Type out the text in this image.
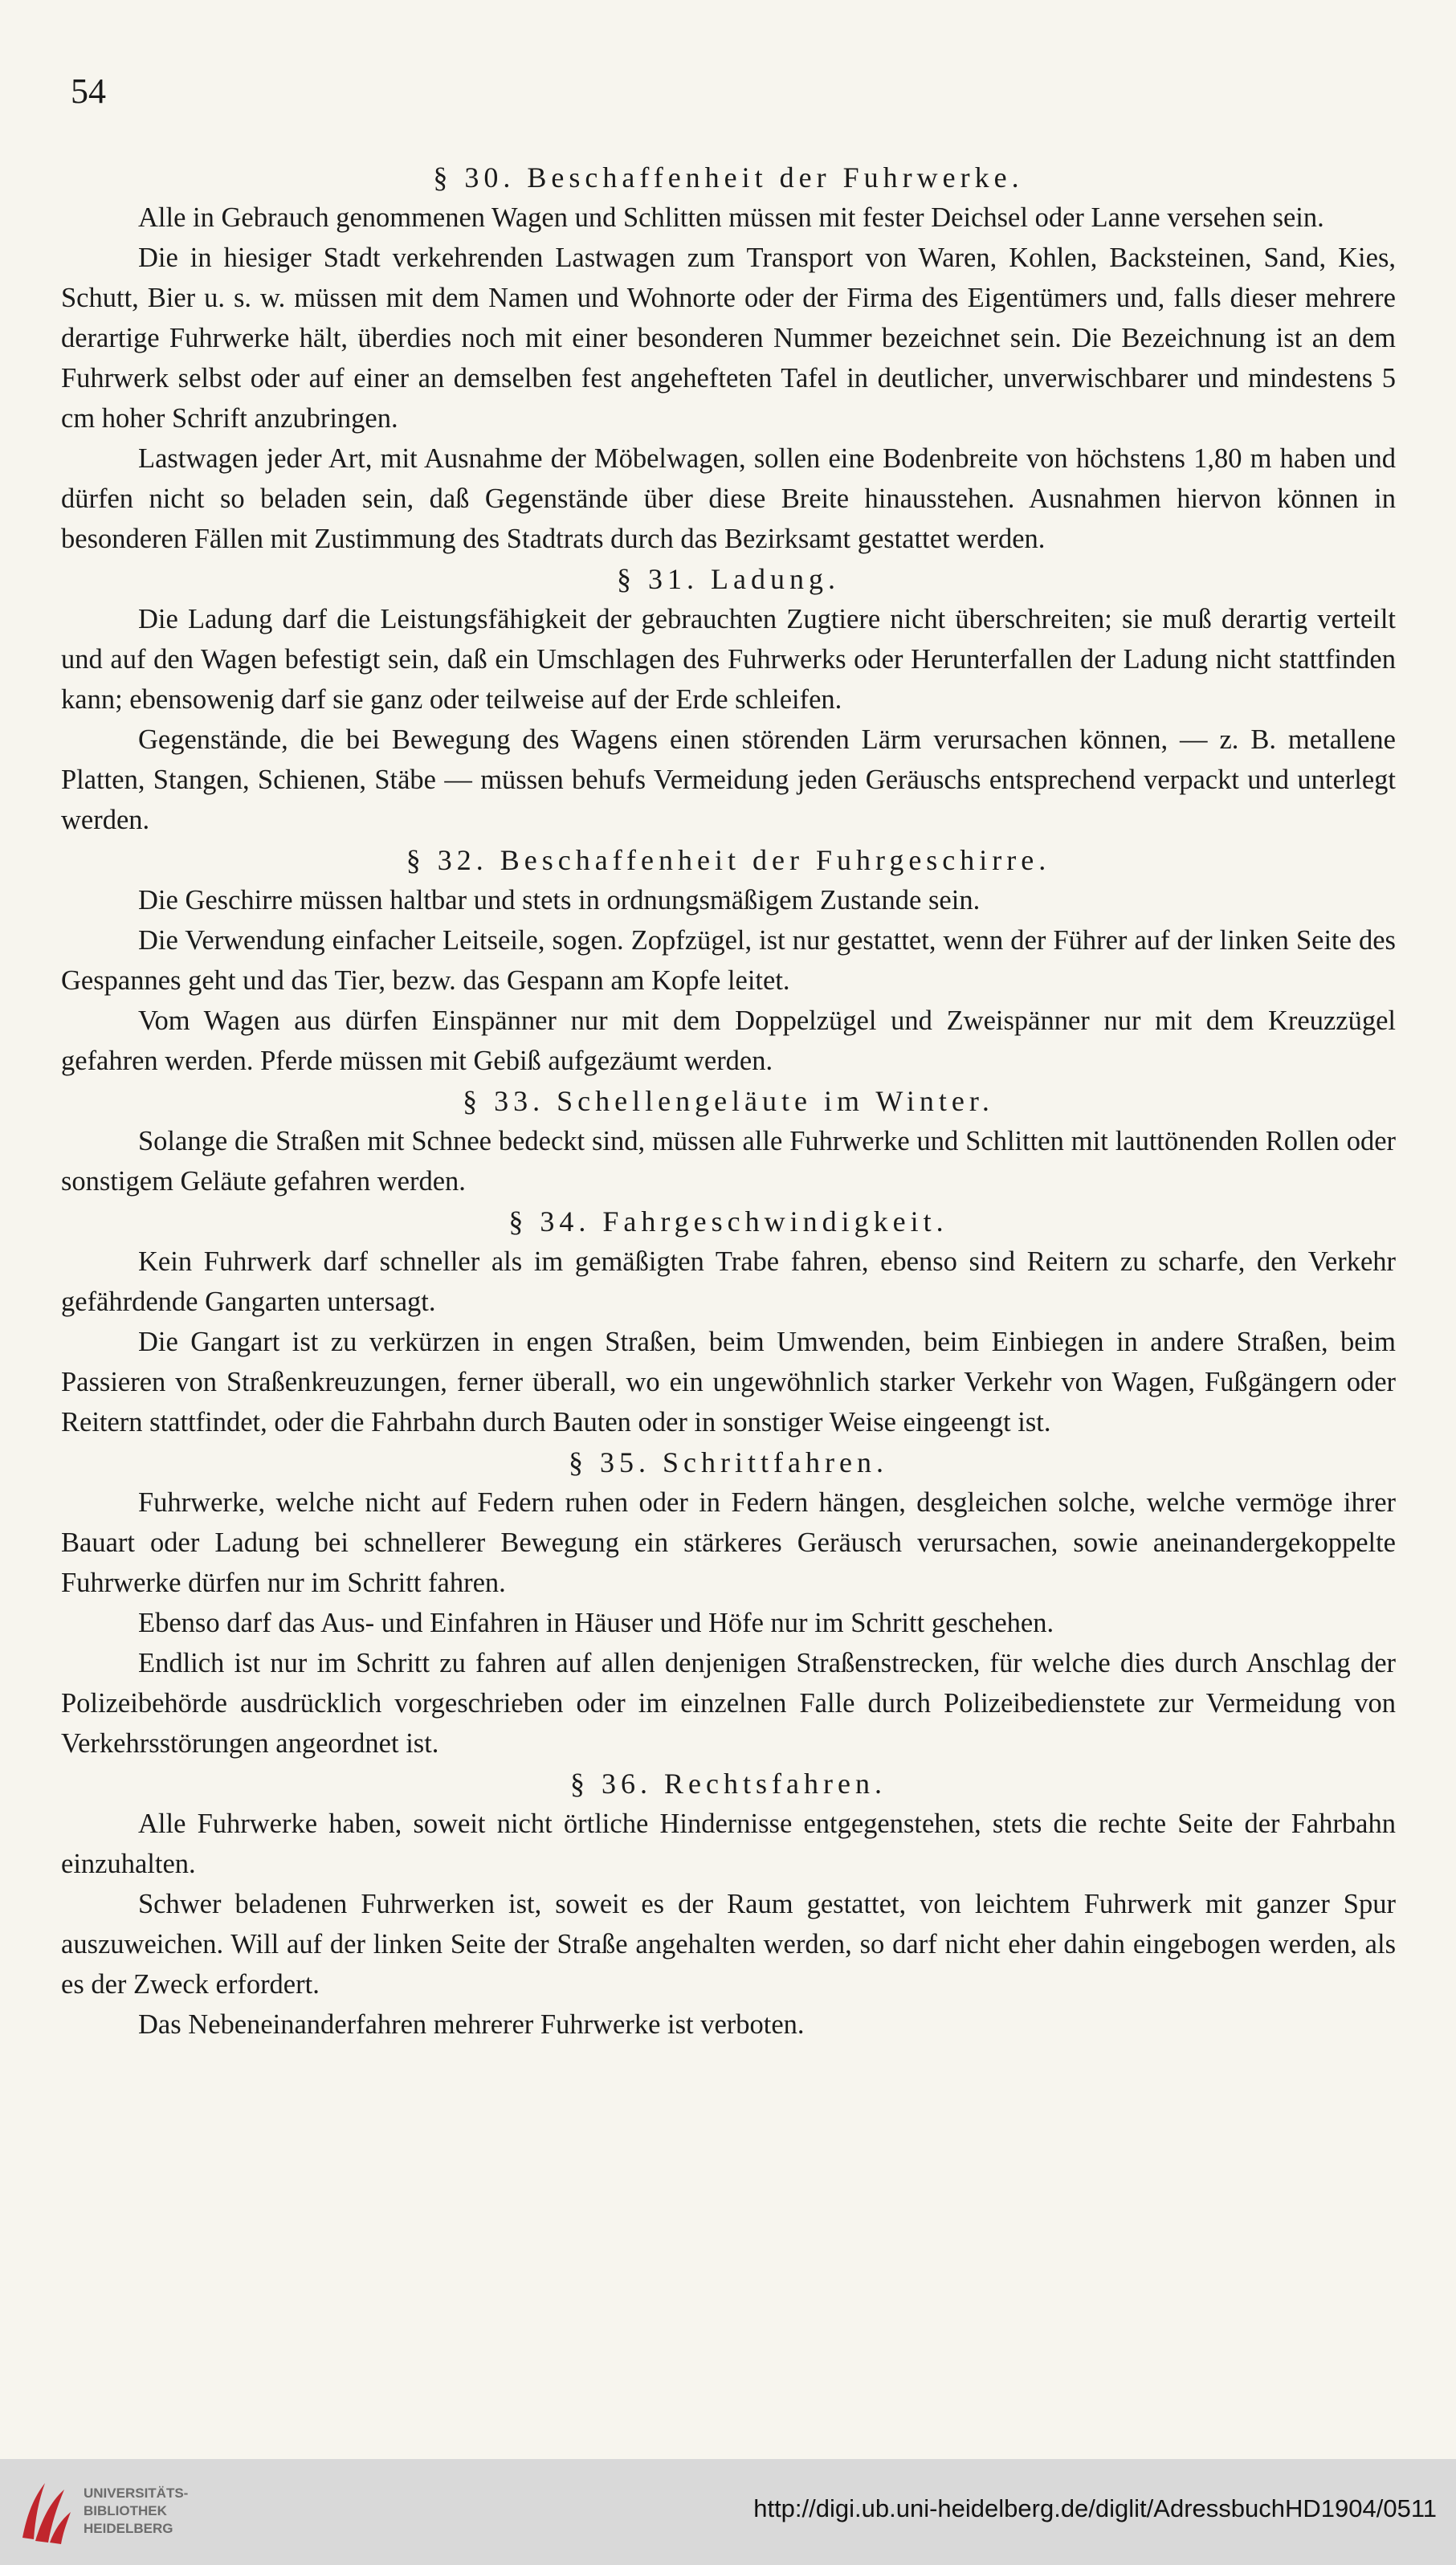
54
§ 30. Beschaffenheit der Fuhrwerke.

Alle in Gebrauch genommenen Wagen und Schlitten müssen mit fester Deichsel oder Lanne versehen sein.

Die in hiesiger Stadt verkehrenden Lastwagen zum Transport von Waren, Kohlen, Backsteinen, Sand, Kies, Schutt, Bier u. s. w. müssen mit dem Namen und Wohnorte oder der Firma des Eigentümers und, falls dieser mehrere derartige Fuhrwerke hält, überdies noch mit einer besonderen Nummer bezeichnet sein. Die Bezeichnung ist an dem Fuhrwerk selbst oder auf einer an demselben fest angehefteten Tafel in deutlicher, unverwischbarer und mindestens 5 cm hoher Schrift anzubringen.

Lastwagen jeder Art, mit Ausnahme der Möbelwagen, sollen eine Bodenbreite von höchstens 1,80 m haben und dürfen nicht so beladen sein, daß Gegenstände über diese Breite hinausstehen. Ausnahmen hiervon können in besonderen Fällen mit Zustimmung des Stadtrats durch das Bezirksamt gestattet werden.

§ 31. Ladung.

Die Ladung darf die Leistungsfähigkeit der gebrauchten Zugtiere nicht überschreiten; sie muß derartig verteilt und auf den Wagen befestigt sein, daß ein Umschlagen des Fuhrwerks oder Herunterfallen der Ladung nicht stattfinden kann; ebensowenig darf sie ganz oder teilweise auf der Erde schleifen.

Gegenstände, die bei Bewegung des Wagens einen störenden Lärm verursachen können, — z. B. metallene Platten, Stangen, Schienen, Stäbe — müssen behufs Vermeidung jeden Geräuschs entsprechend verpackt und unterlegt werden.

§ 32. Beschaffenheit der Fuhrgeschirre.

Die Geschirre müssen haltbar und stets in ordnungsmäßigem Zustande sein.

Die Verwendung einfacher Leitseile, sogen. Zopfzügel, ist nur gestattet, wenn der Führer auf der linken Seite des Gespannes geht und das Tier, bezw. das Gespann am Kopfe leitet.

Vom Wagen aus dürfen Einspänner nur mit dem Doppelzügel und Zweispänner nur mit dem Kreuzzügel gefahren werden. Pferde müssen mit Gebiß aufgezäumt werden.

§ 33. Schellengeläute im Winter.

Solange die Straßen mit Schnee bedeckt sind, müssen alle Fuhrwerke und Schlitten mit lauttönenden Rollen oder sonstigem Geläute gefahren werden.

§ 34. Fahrgeschwindigkeit.

Kein Fuhrwerk darf schneller als im gemäßigten Trabe fahren, ebenso sind Reitern zu scharfe, den Verkehr gefährdende Gangarten untersagt.

Die Gangart ist zu verkürzen in engen Straßen, beim Umwenden, beim Einbiegen in andere Straßen, beim Passieren von Straßenkreuzungen, ferner überall, wo ein ungewöhnlich starker Verkehr von Wagen, Fußgängern oder Reitern stattfindet, oder die Fahrbahn durch Bauten oder in sonstiger Weise eingeengt ist.

§ 35. Schrittfahren.

Fuhrwerke, welche nicht auf Federn ruhen oder in Federn hängen, desgleichen solche, welche vermöge ihrer Bauart oder Ladung bei schnellerer Bewegung ein stärkeres Geräusch verursachen, sowie aneinandergekoppelte Fuhrwerke dürfen nur im Schritt fahren.

Ebenso darf das Aus- und Einfahren in Häuser und Höfe nur im Schritt geschehen.

Endlich ist nur im Schritt zu fahren auf allen denjenigen Straßenstrecken, für welche dies durch Anschlag der Polizeibehörde ausdrücklich vorgeschrieben oder im einzelnen Falle durch Polizeibedienstete zur Vermeidung von Verkehrsstörungen angeordnet ist.

§ 36. Rechtsfahren.

Alle Fuhrwerke haben, soweit nicht örtliche Hindernisse entgegenstehen, stets die rechte Seite der Fahrbahn einzuhalten.

Schwer beladenen Fuhrwerken ist, soweit es der Raum gestattet, von leichtem Fuhrwerk mit ganzer Spur auszuweichen. Will auf der linken Seite der Straße angehalten werden, so darf nicht eher dahin eingebogen werden, als es der Zweck erfordert.

Das Nebeneinanderfahren mehrerer Fuhrwerke ist verboten.

UNIVERSITÄTS-
BIBLIOTHEK
HEIDELBERG
http://digi.ub.uni-heidelberg.de/diglit/AdressbuchHD1904/0511
